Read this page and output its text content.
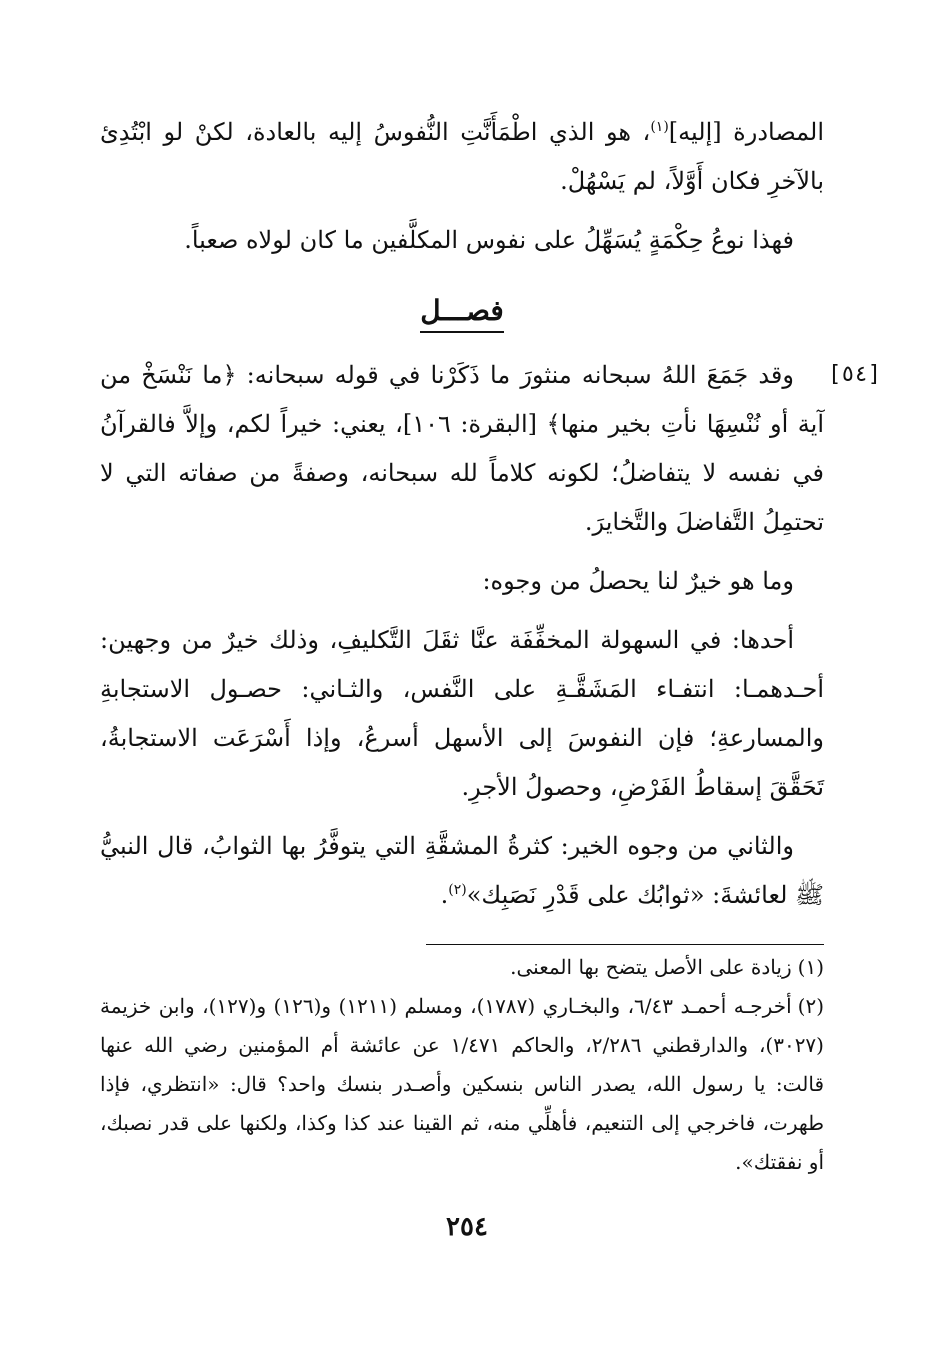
المصادرة [إليه]$^{(١)}$، هو الذي اطْمَأَنَّتِ النُّفوسُ إليه بالعادة، لكنْ لو ابْتُدِئ بالآخرِ فكان أَوَّلاً، لم يَسْهُلْ.

فهذا نوعُ حِكْمَةٍ يُسَهِّلُ على نفوس المكلَّفين ما كان لولاه صعباً.

فصـــل

وقد جَمَعَ اللهُ سبحانه منثورَ ما ذَكَرْنا في قوله سبحانه: ﴿ما نَنْسَخْ من آية أو نُنْسِهَا نأتِ بخير منها﴾ [البقرة: ١٠٦]، يعني: خيراً لكم، وإلاَّ فالقرآنُ في نفسه لا يتفاضلُ؛ لكونه كلاماً لله سبحانه، وصفةً من صفاته التي لا تحتمِلُ التَّفاضلَ والتَّخايرَ.

وما هو خيرٌ لنا يحصلُ من وجوه:

أحدها: في السهولة المخفِّفَة عنَّا ثقَلَ التَّكليفِ، وذلك خيرٌ من وجهين: أحـدهمـا: انتفـاء المَشَقَّـةِ على النَّفس، والثـاني: حصـول الاستجابةِ والمسارعةِ؛ فإن النفوسَ إلى الأسهل أسرعُ، وإذا أَسْرَعَت الاستجابةُ، تَحَقَّقَ إسقاطُ الفَرْضِ، وحصولُ الأجرِ.

والثاني من وجوه الخير: كثرةُ المشقَّةِ التي يتوفَّرُ بها الثوابُ، قال النبيُّ ﷺ لعائشةَ: «ثوابُك على قَدْرِ نَصَبِك»$^{(٢)}$.

[٥٤]

(١)زيادة على الأصل يتضح بها المعنى.

(٢)أخرجـه أحمـد ٦/٤٣، والبخـاري (١٧٨٧)، ومسلم (١٢١١) و(١٢٦) و(١٢٧)، وابن خزيمة (٣٠٢٧)، والدارقطني ٢/٢٨٦، والحاكم ١/٤٧١ عن عائشة أم المؤمنين رضي الله عنها قالت: يا رسول الله، يصدر الناس بنسكين وأصـدر بنسك واحد؟ قال: «انتظري، فإذا طهرت، فاخرجي إلى التنعيم، فأهلِّي منه، ثم القينا عند كذا وكذا، ولكنها على قدر نصبك، أو نفقتك».

٢٥٤
